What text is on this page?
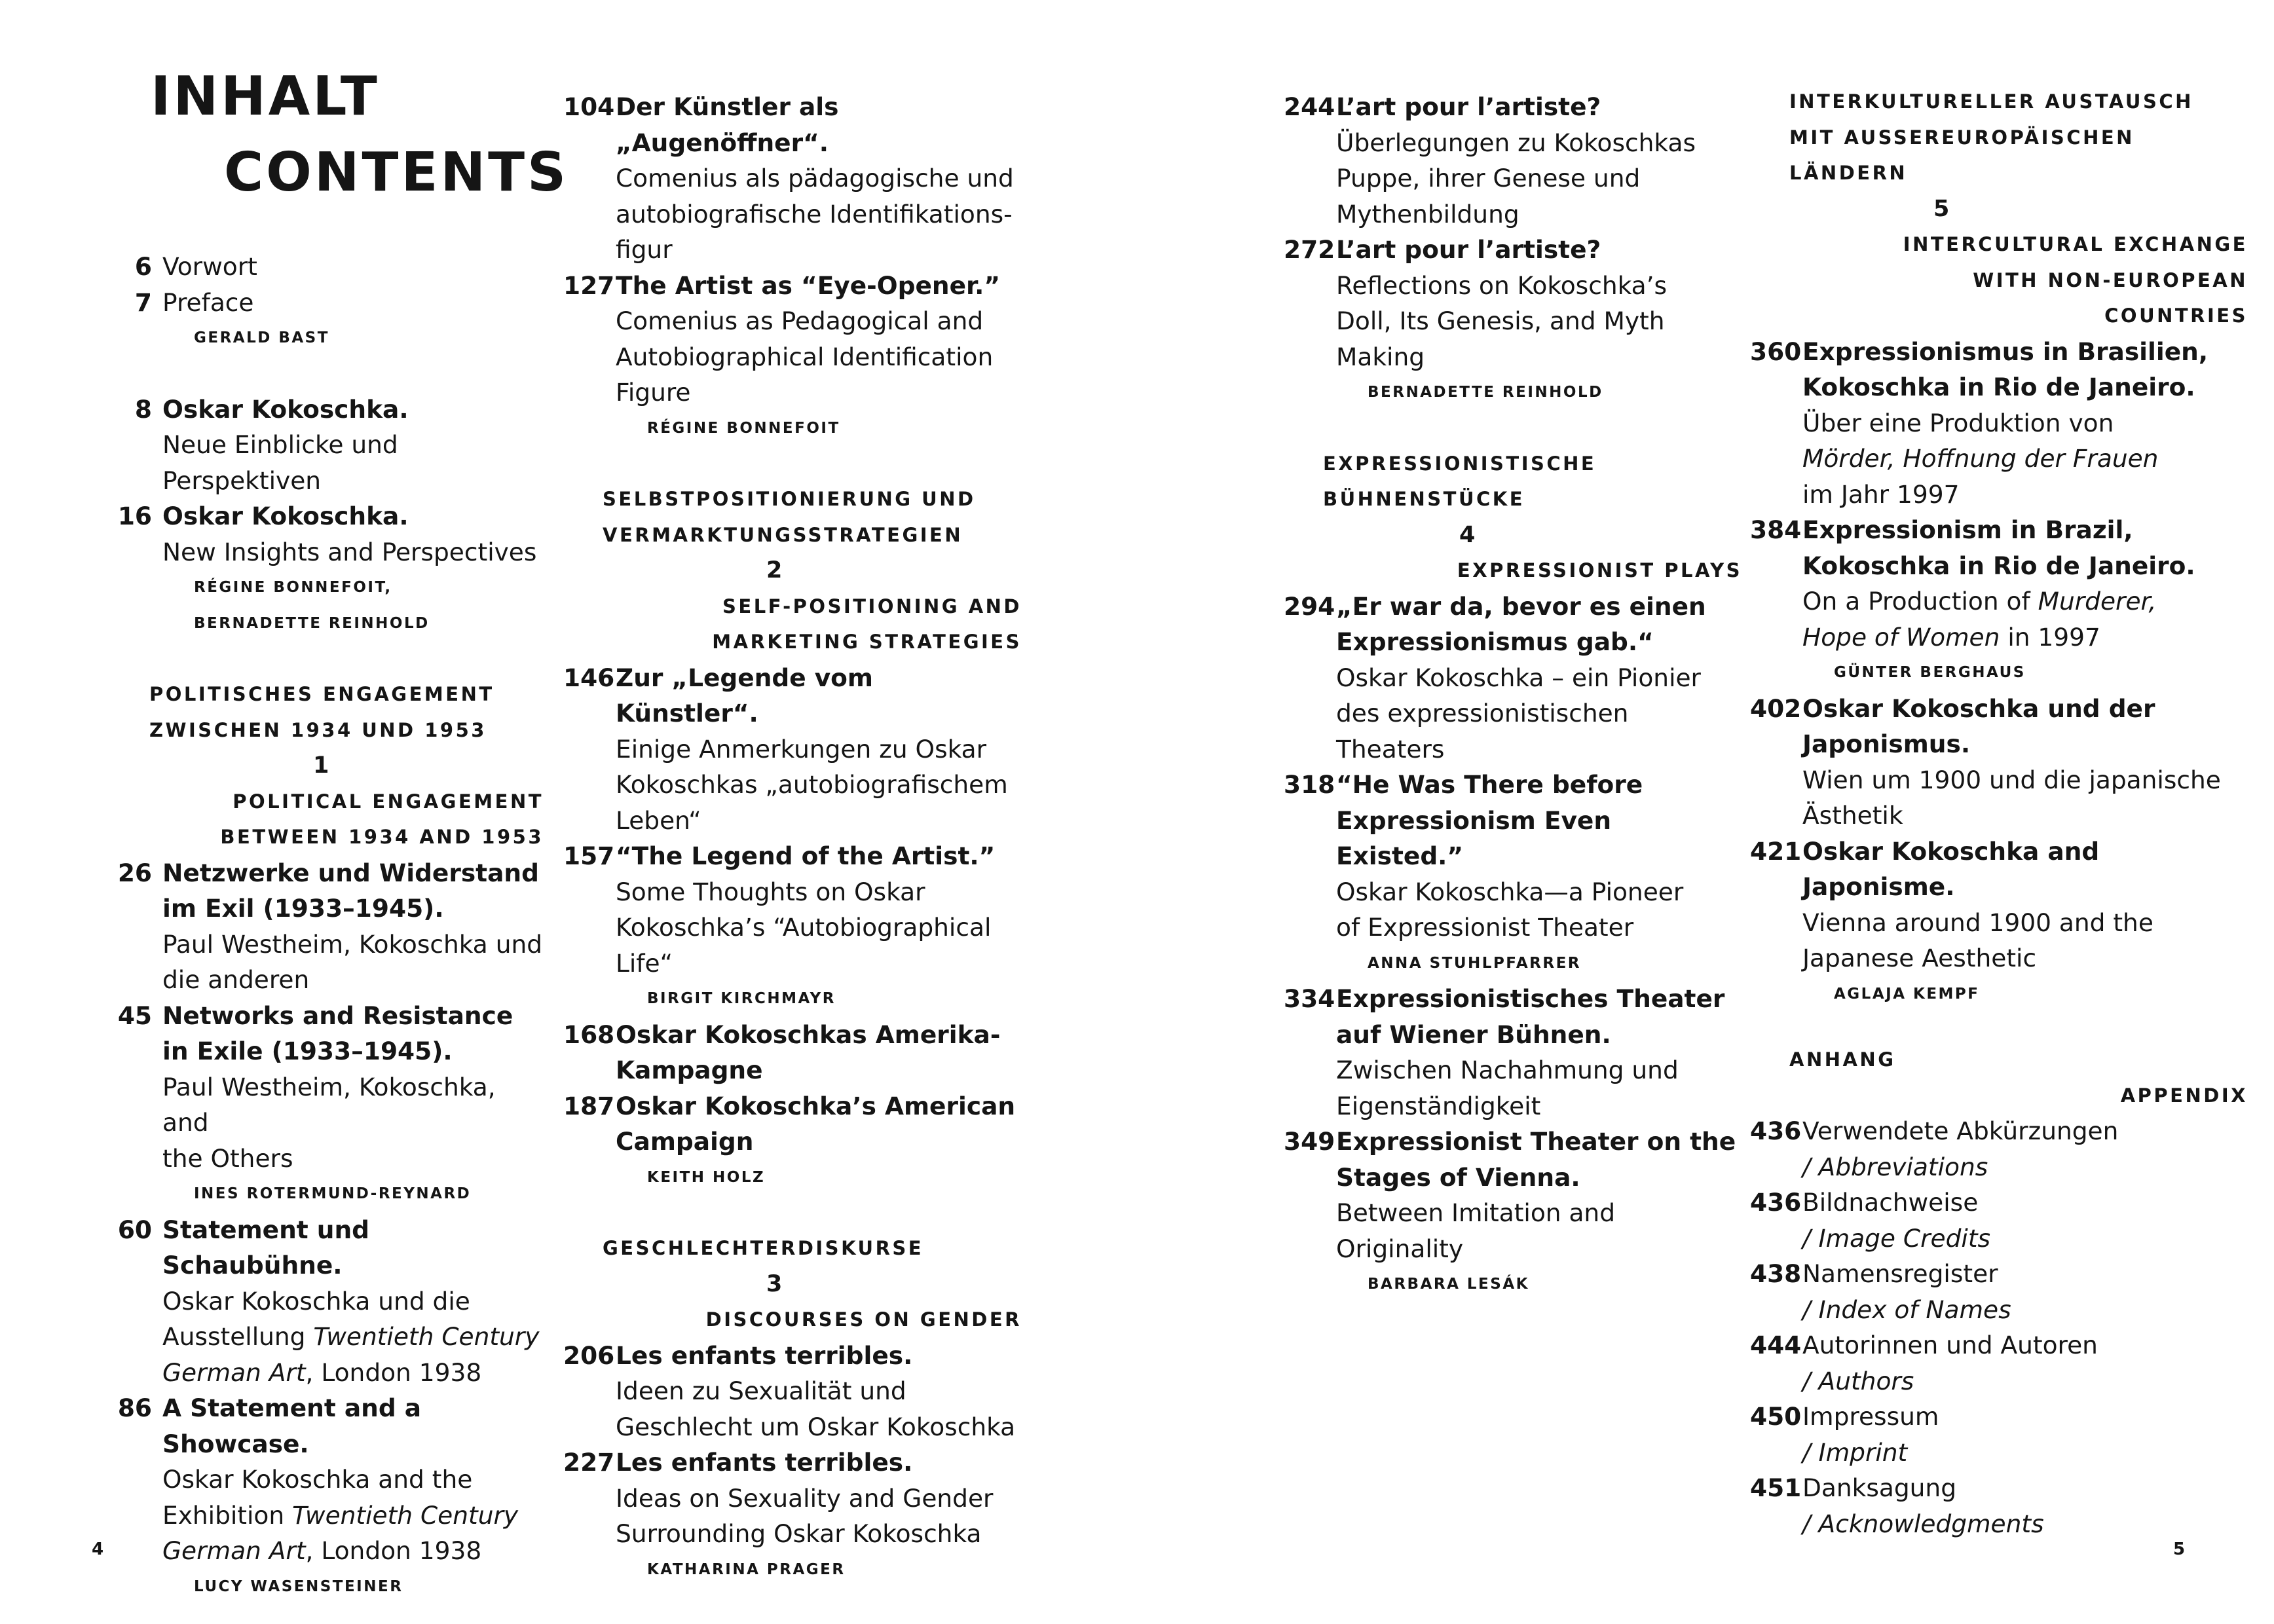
INHALT
CONTENTS
6 Vorwort
7 Preface
GERALD BAST
8 Oskar Kokoschka.
Neue Einblicke und Perspektiven
16 Oskar Kokoschka.
New Insights and Perspectives
RÉGINE BONNEFOIT,
BERNADETTE REINHOLD
POLITISCHES ENGAGEMENT
ZWISCHEN 1934 UND 1953
1
POLITICAL ENGAGEMENT
BETWEEN 1934 AND 1953
26 Netzwerke und Widerstand im Exil (1933–1945).
Paul Westheim, Kokoschka und
die anderen
45 Networks and Resistance in Exile (1933–1945).
Paul Westheim, Kokoschka, and
the Others
INES ROTERMUND-REYNARD
60 Statement und Schaubühne.
Oskar Kokoschka und die
Ausstellung Twentieth Century
German Art, London 1938
86 A Statement and a Showcase.
Oskar Kokoschka and the
Exhibition Twentieth Century
German Art, London 1938
LUCY WASENSTEINER
104 Der Künstler als „Augenöffner“.
Comenius als pädagogische und
autobiografische Identifikations-
figur
127 The Artist as “Eye-Opener.”
Comenius as Pedagogical and
Autobiographical Identification
Figure
RÉGINE BONNEFOIT
SELBSTPOSITIONIERUNG UND
VERMARKTUNGSSTRATEGIEN
2
SELF-POSITIONING AND
MARKETING STRATEGIES
146 Zur „Legende vom Künstler“.
Einige Anmerkungen zu Oskar
Kokoschkas „autobiografischem
Leben“
157 “The Legend of the Artist.”
Some Thoughts on Oskar
Kokoschka’s “Autobiographical
Life“
BIRGIT KIRCHMAYR
168 Oskar Kokoschkas Amerika-Kampagne
187 Oskar Kokoschka’s American Campaign
KEITH HOLZ
GESCHLECHTERDISKURSE
3
DISCOURSES ON GENDER
206 Les enfants terribles.
Ideen zu Sexualität und
Geschlecht um Oskar Kokoschka
227 Les enfants terribles.
Ideas on Sexuality and Gender
Surrounding Oskar Kokoschka
KATHARINA PRAGER
244 L’art pour l’artiste?
Überlegungen zu Kokoschkas
Puppe, ihrer Genese und
Mythenbildung
272 L’art pour l’artiste?
Reflections on Kokoschka’s
Doll, Its Genesis, and Myth
Making
BERNADETTE REINHOLD
EXPRESSIONISTISCHE
BÜHNENSTÜCKE
4
EXPRESSIONIST PLAYS
294 „Er war da, bevor es einen Expressionismus gab.“
Oskar Kokoschka – ein Pionier
des expressionistischen
Theaters
318 “He Was There before Expressionism Even Existed.”
Oskar Kokoschka—a Pioneer
of Expressionist Theater
ANNA STUHLPFARRER
334 Expressionistisches Theater auf Wiener Bühnen.
Zwischen Nachahmung und
Eigenständigkeit
349 Expressionist Theater on the Stages of Vienna.
Between Imitation and
Originality
BARBARA LESÁK
INTERKULTURELLER AUSTAUSCH
MIT AUSSEREUROPÄISCHEN
LÄNDERN
5
INTERCULTURAL EXCHANGE
WITH NON-EUROPEAN
COUNTRIES
360 Expressionismus in Brasilien, Kokoschka in Rio de Janeiro.
Über eine Produktion von
Mörder, Hoffnung der Frauen
im Jahr 1997
384 Expressionism in Brazil, Kokoschka in Rio de Janeiro.
On a Production of Murderer,
Hope of Women in 1997
GÜNTER BERGHAUS
402 Oskar Kokoschka und der Japonismus.
Wien um 1900 und die japanische
Ästhetik
421 Oskar Kokoschka and Japonisme.
Vienna around 1900 and the
Japanese Aesthetic
AGLAJA KEMPF
ANHANG
APPENDIX
436 Verwendete Abkürzungen
/ Abbreviations
436 Bildnachweise
/ Image Credits
438 Namensregister
/ Index of Names
444 Autorinnen und Autoren
/ Authors
450 Impressum
/ Imprint
451 Danksagung
/ Acknowledgments
4	5
